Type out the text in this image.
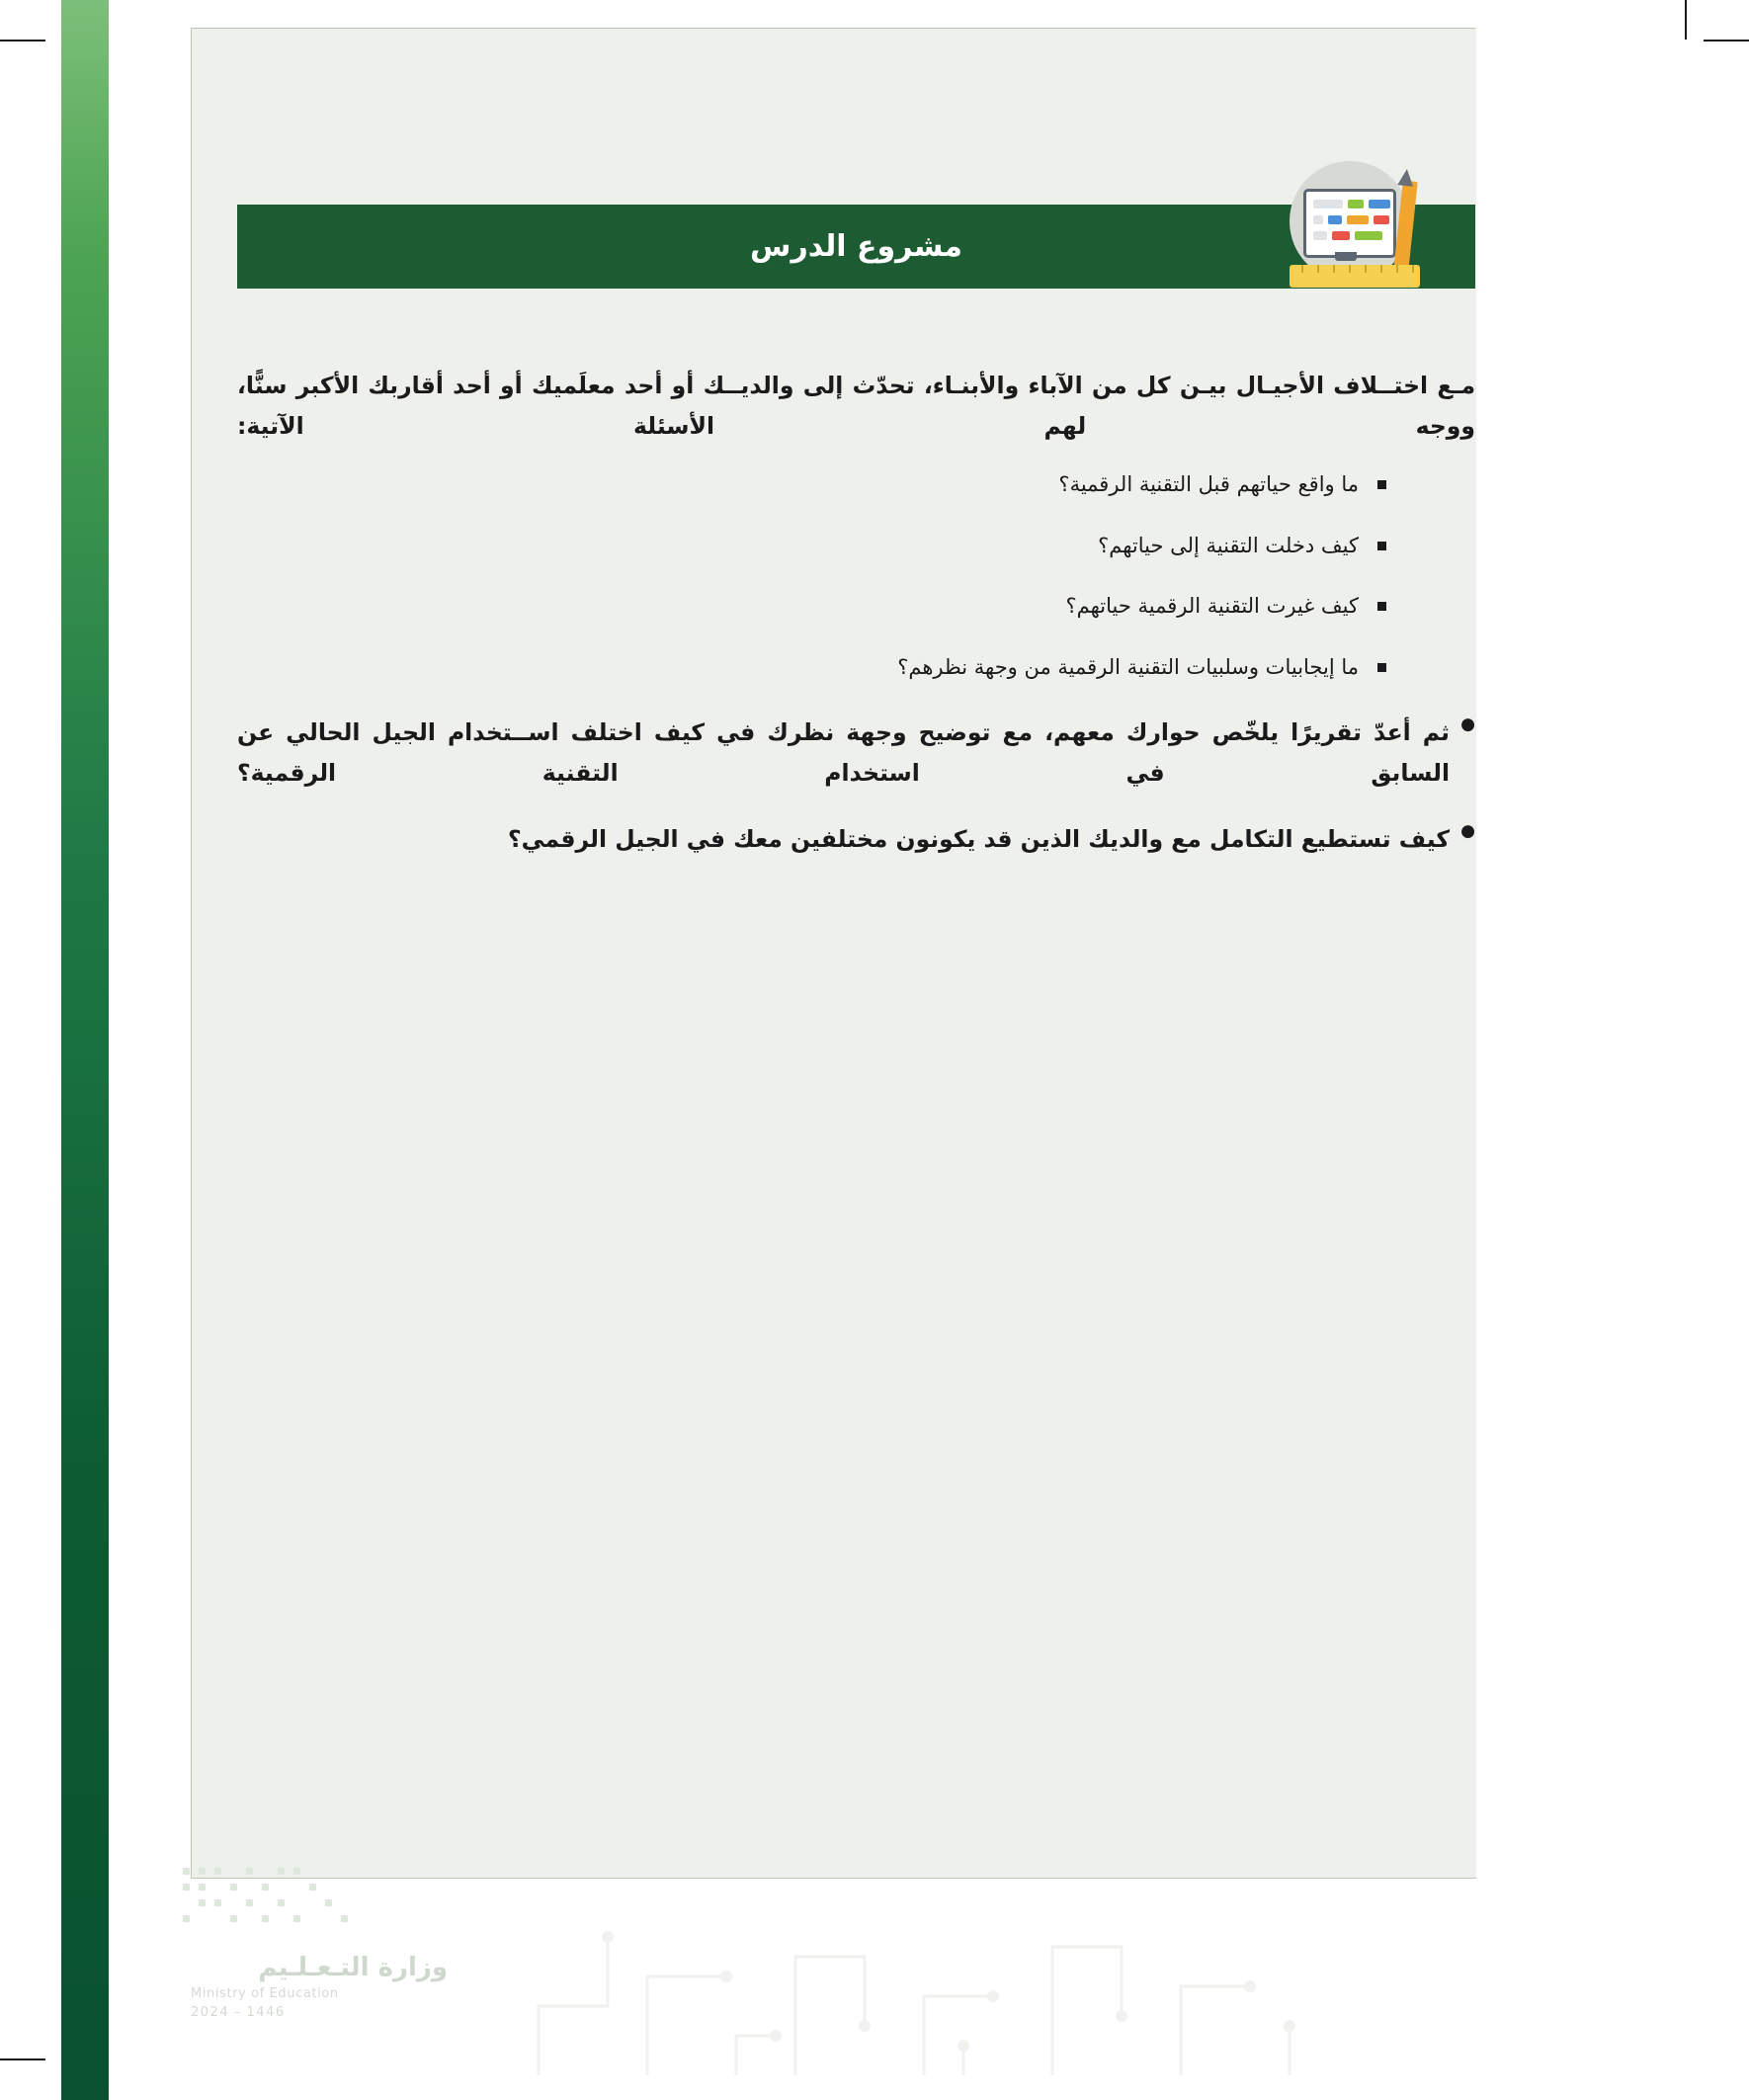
مشروع الدرس

مـع اختــلاف الأجيـال بيـن كل من الآباء والأبنـاء، تحدّث إلى والديــك أو أحد معلَميك أو أحد أقاربك الأكبر سنًّا، ووجه لهم الأسئلة الآتية:

ما واقع حياتهم قبل التقنية الرقمية؟
كيف دخلت التقنية إلى حياتهم؟
كيف غيرت التقنية الرقمية حياتهم؟
ما إيجابيات وسلبيات التقنية الرقمية من وجهة نظرهم؟
● ثم أعدّ تقريرًا يلخّص حوارك معهم، مع توضيح وجهة نظرك في كيف اختلف اســتخدام الجيل الحالي عن السابق في استخدام التقنية الرقمية؟
● كيف تستطيع التكامل مع والديك الذين قد يكونون مختلفين معك في الجيل الرقمي؟

وزارة التـعـلـيم

Ministry of Education

2024 - 1446
